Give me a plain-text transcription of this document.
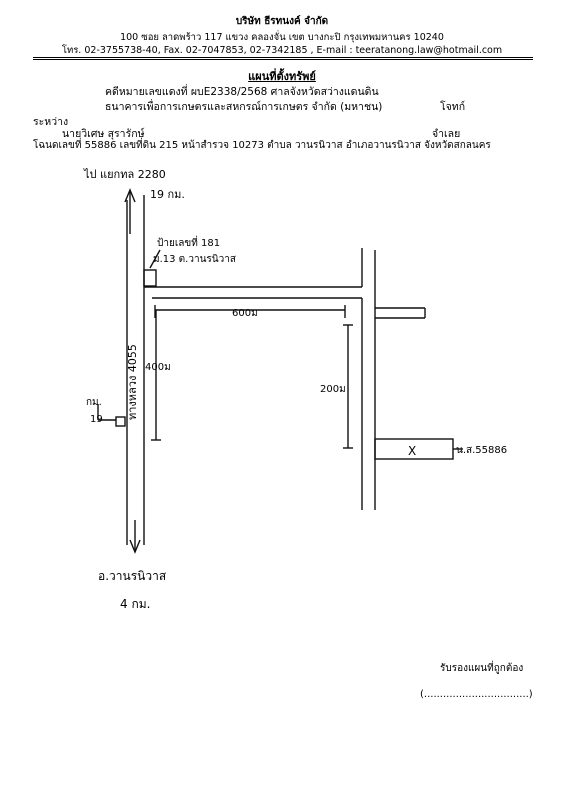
บริษัท ธีรทนงค์ จำกัด
100 ซอย ลาดพร้าว 117 แขวง คลองจั่น เขต บางกะปิ กรุงเทพมหานคร 10240
โทร. 02-3755738-40, Fax. 02-7047853, 02-7342185 , E-mail : teeratanong.law@hotmail.com
แผนที่ตั้งทรัพย์
คดีหมายเลขแดงที่ ผบE2338/2568 ศาลจังหวัดสว่างแดนดิน
ธนาคารเพื่อการเกษตรและสหกรณ์การเกษตร จำกัด (มหาชน)	โจทก์
ระหว่าง
นายวิเศษ สุรารักษ์	จำเลย
โฉนดเลขที่ 55886 เลขที่ดิน 215 หน้าสำรวจ 10273 ตำบล วานรนิวาส อำเภอวานรนิวาส จังหวัดสกลนคร
ไป แยกทล 2280
19 กม.
ป้ายเลขที่ 181
ม.13 ต.วานรนิวาส
600ม
400ม
200ม
ทางหลวง 4055
กม.
19
X	น.ส.55886
อ.วานรนิวาส
4 กม.
รับรองแผนที่ถูกต้อง
(.................................)
